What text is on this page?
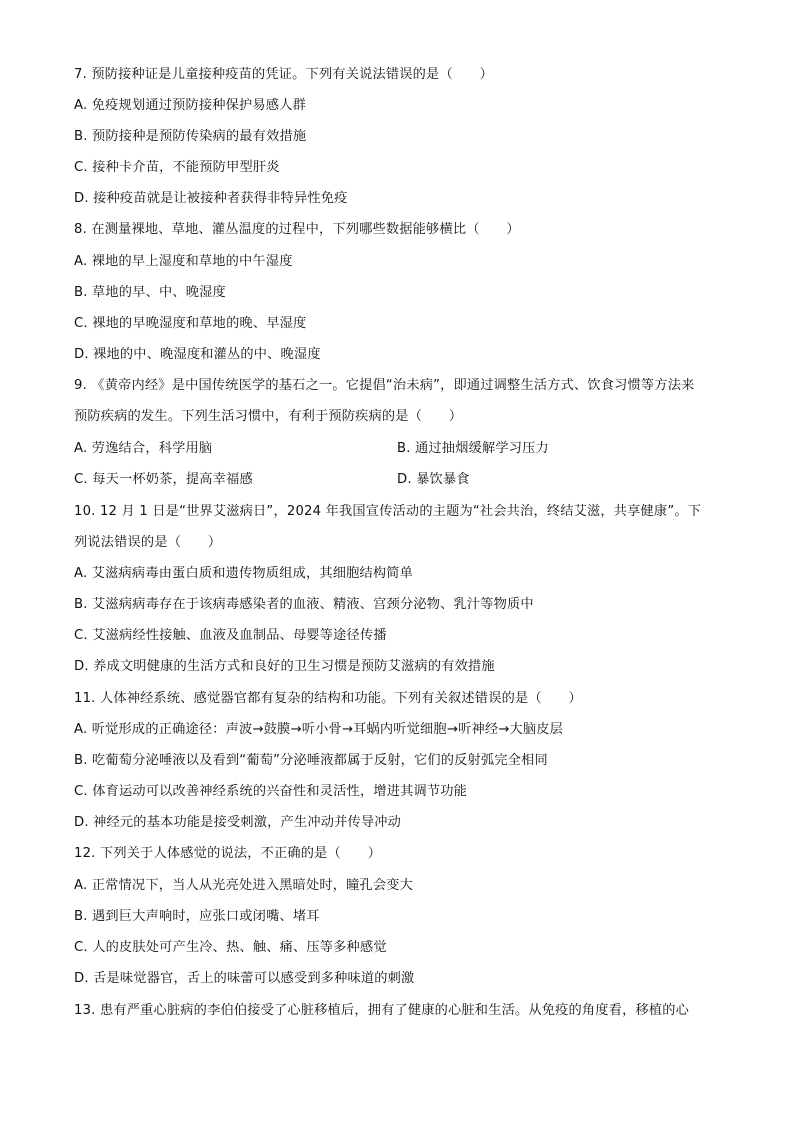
7. 预防接种证是儿童接种疫苗的凭证。下列有关说法错误的是（　　）
A. 免疫规划通过预防接种保护易感人群
B. 预防接种是预防传染病的最有效措施
C. 接种卡介苗，不能预防甲型肝炎
D. 接种疫苗就是让被接种者获得非特异性免疫
8. 在测量裸地、草地、灌丛温度的过程中，下列哪些数据能够横比（　　）
A. 裸地的早上湿度和草地的中午湿度
B. 草地的早、中、晚湿度
C. 裸地的早晚湿度和草地的晚、早湿度
D. 裸地的中、晚湿度和灌丛的中、晚湿度
9. 《黄帝内经》是中国传统医学的基石之一。它提倡“治未病”，即通过调整生活方式、饮食习惯等方法来
预防疾病的发生。下列生活习惯中，有利于预防疾病的是（　　）
A. 劳逸结合，科学用脑	B. 通过抽烟缓解学习压力
C. 每天一杯奶茶，提高幸福感	D. 暴饮暴食
10. 12 月 1 日是“世界艾滋病日”，2024 年我国宣传活动的主题为“社会共治，终结艾滋，共享健康”。下
列说法错误的是（　　）
A. 艾滋病病毒由蛋白质和遗传物质组成，其细胞结构简单
B. 艾滋病病毒存在于该病毒感染者的血液、精液、宫颈分泌物、乳汁等物质中
C. 艾滋病经性接触、血液及血制品、母婴等途径传播
D. 养成文明健康的生活方式和良好的卫生习惯是预防艾滋病的有效措施
11. 人体神经系统、感觉器官都有复杂的结构和功能。下列有关叙述错误的是（　　）
A. 听觉形成的正确途径：声波→鼓膜→听小骨→耳蜗内听觉细胞→听神经→大脑皮层
B. 吃葡萄分泌唾液以及看到“葡萄”分泌唾液都属于反射，它们的反射弧完全相同
C. 体育运动可以改善神经系统的兴奋性和灵活性，增进其调节功能
D. 神经元的基本功能是接受刺激，产生冲动并传导冲动
12. 下列关于人体感觉的说法，不正确的是（　　）
A. 正常情况下，当人从光亮处进入黑暗处时，瞳孔会变大
B. 遇到巨大声响时，应张口或闭嘴、堵耳
C. 人的皮肤处可产生冷、热、触、痛、压等多种感觉
D. 舌是味觉器官，舌上的味蕾可以感受到多种味道的刺激
13. 患有严重心脏病的李伯伯接受了心脏移植后，拥有了健康的心脏和生活。从免疫的角度看，移植的心
